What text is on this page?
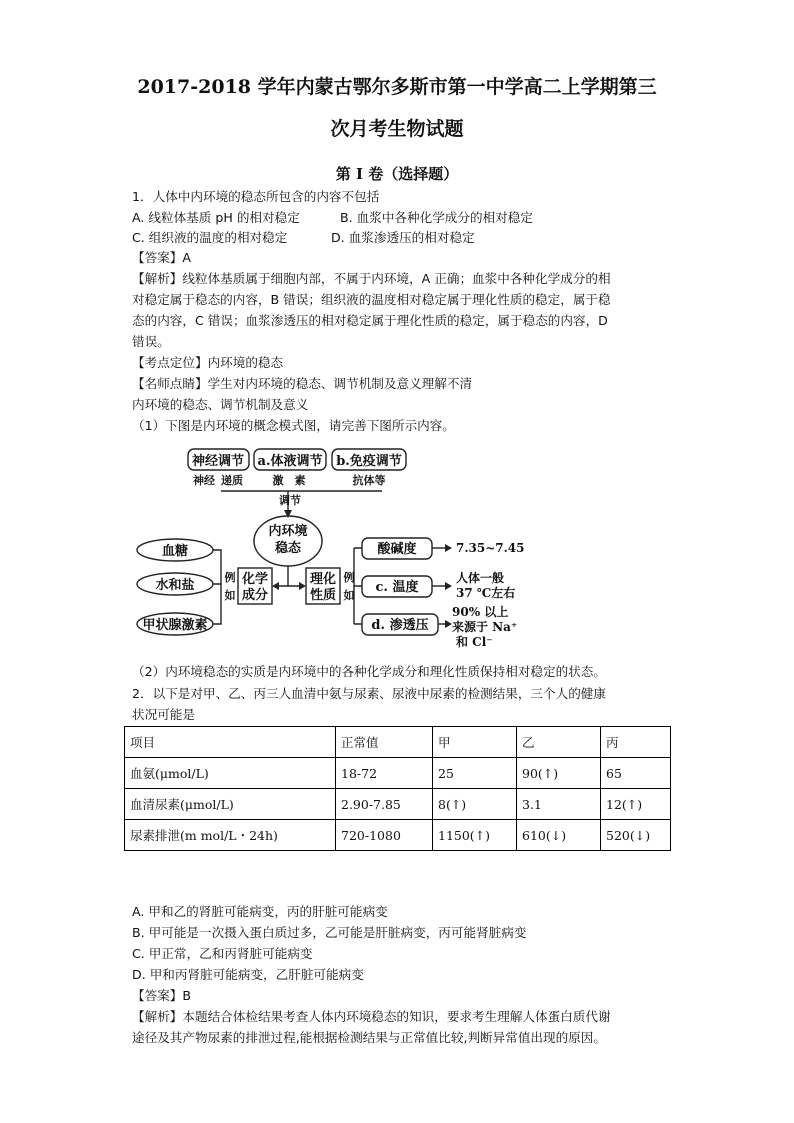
2017-2018 学年内蒙古鄂尔多斯市第一中学高二上学期第三
次月考生物试题
第 I 卷（选择题）
1．人体中内环境的稳态所包含的内容不包括
A. 线粒体基质 pH 的相对稳定	B. 血浆中各种化学成分的相对稳定
C. 组织液的温度的相对稳定	D. 血浆渗透压的相对稳定
【答案】A
【解析】线粒体基质属于细胞内部，不属于内环境，A 正确；血浆中各种化学成分的相
对稳定属于稳态的内容，B 错误；组织液的温度相对稳定属于理化性质的稳定，属于稳
态的内容，C 错误；血浆渗透压的相对稳定属于理化性质的稳定，属于稳态的内容，D
错误。
【考点定位】内环境的稳态
【名师点睛】学生对内环境的稳态、调节机制及意义理解不清
内环境的稳态、调节机制及意义
（1）下图是内环境的概念模式图，请完善下图所示内容。
神经调节 a.体液调节 b.免疫调节
内环境
稳态
血糖
水和盐
甲状腺激素
化学
成分
理化
性质
酸碱度
c. 温度
d. 渗透压
神经 递质	激　素	抗体等
调节
例
如
例
如
7.35~7.45
人体一般
37 ℃左右
90% 以上
来源于 Na⁺
和 Cl⁻
（2）内环境稳态的实质是内环境中的各种化学成分和理化性质保持相对稳定的状态。
2．以下是对甲、乙、丙三人血清中氨与尿素、尿液中尿素的检测结果，三个人的健康
状况可能是
项目	正常值	甲	乙	丙
血氨(μmol/L)	18-72	25	90(↑)	65
血清尿素(μmol/L)	2.90-7.85	8(↑)	3.1	12(↑)
尿素排泄(m mol/L・24h)	720-1080	1150(↑)	610(↓)	520(↓)
A. 甲和乙的肾脏可能病变，丙的肝脏可能病变
B. 甲可能是一次摄入蛋白质过多，乙可能是肝脏病变，丙可能肾脏病变
C. 甲正常，乙和丙肾脏可能病变
D. 甲和丙肾脏可能病变，乙肝脏可能病变
【答案】B
【解析】本题结合体检结果考查人体内环境稳态的知识，要求考生理解人体蛋白质代谢
途径及其产物尿素的排泄过程,能根据检测结果与正常值比较,判断异常值出现的原因。
